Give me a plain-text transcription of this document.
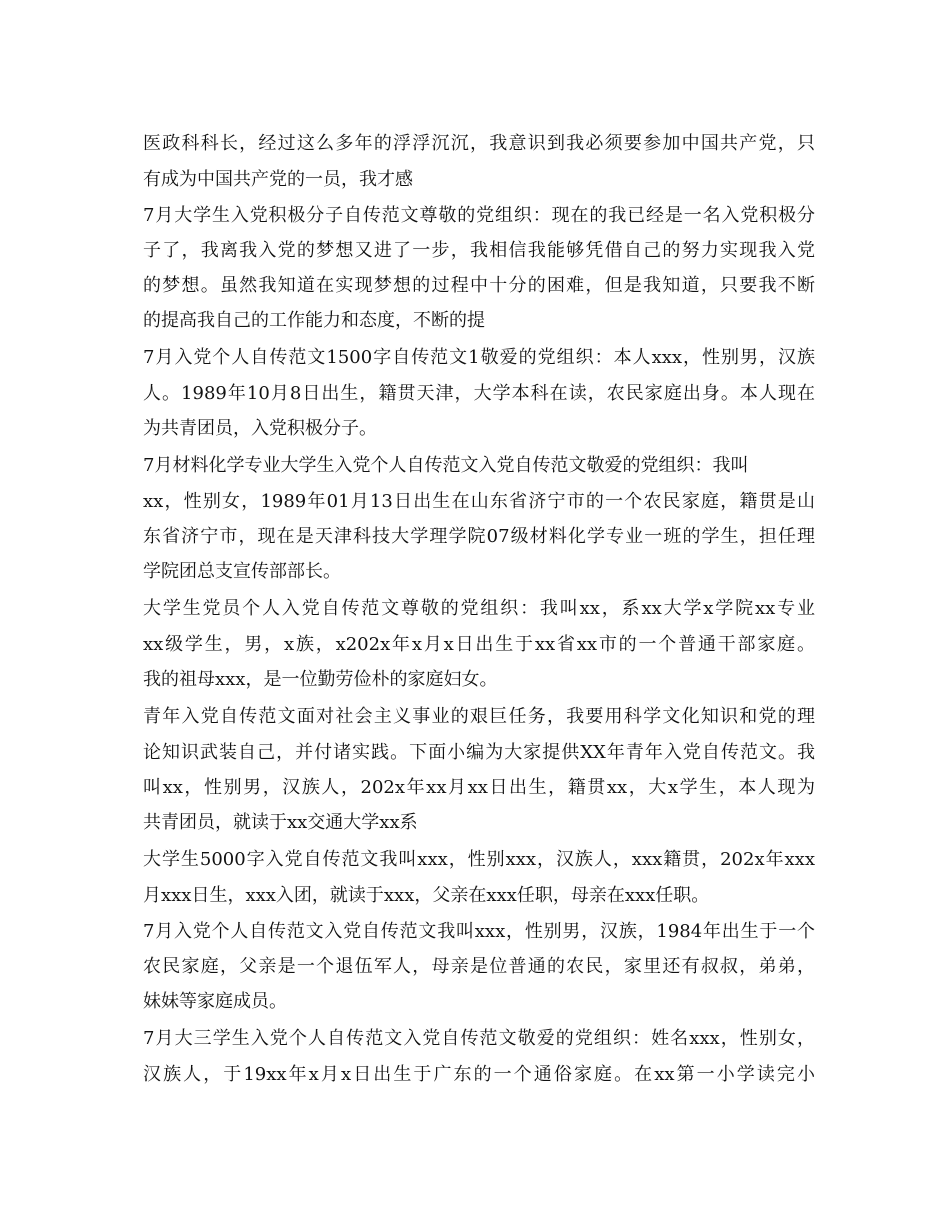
医政科科长，经过这么多年的浮浮沉沉，我意识到我必须要参加中国共产党，只
有成为中国共产党的一员，我才感
7月大学生入党积极分子自传范文尊敬的党组织：现在的我已经是一名入党积极分
子了，我离我入党的梦想又进了一步，我相信我能够凭借自己的努力实现我入党
的梦想。虽然我知道在实现梦想的过程中十分的困难，但是我知道，只要我不断
的提高我自己的工作能力和态度，不断的提
7月入党个人自传范文1500字自传范文1敬爱的党组织：本人xxx，性别男，汉族
人。1989年10月8日出生，籍贯天津，大学本科在读，农民家庭出身。本人现在
为共青团员，入党积极分子。
7月材料化学专业大学生入党个人自传范文入党自传范文敬爱的党组织：我叫
xx，性别女，1989年01月13日出生在山东省济宁市的一个农民家庭，籍贯是山
东省济宁市，现在是天津科技大学理学院07级材料化学专业一班的学生，担任理
学院团总支宣传部部长。
大学生党员个人入党自传范文尊敬的党组织：我叫xx，系xx大学x学院xx专业
xx级学生，男，x族，x202x年x月x日出生于xx省xx市的一个普通干部家庭。
我的祖母xxx，是一位勤劳俭朴的家庭妇女。
青年入党自传范文面对社会主义事业的艰巨任务，我要用科学文化知识和党的理
论知识武装自己，并付诸实践。下面小编为大家提供XX年青年入党自传范文。我
叫xx，性别男，汉族人，202x年xx月xx日出生，籍贯xx，大x学生，本人现为
共青团员，就读于xx交通大学xx系
大学生5000字入党自传范文我叫xxx，性别xxx，汉族人，xxx籍贯，202x年xxx
月xxx日生，xxx入团，就读于xxx，父亲在xxx任职，母亲在xxx任职。
7月入党个人自传范文入党自传范文我叫xxx，性别男，汉族，1984年出生于一个
农民家庭，父亲是一个退伍军人，母亲是位普通的农民，家里还有叔叔，弟弟，
妹妹等家庭成员。
7月大三学生入党个人自传范文入党自传范文敬爱的党组织：姓名xxx，性别女，
汉族人，于19xx年x月x日出生于广东的一个通俗家庭。在xx第一小学读完小
